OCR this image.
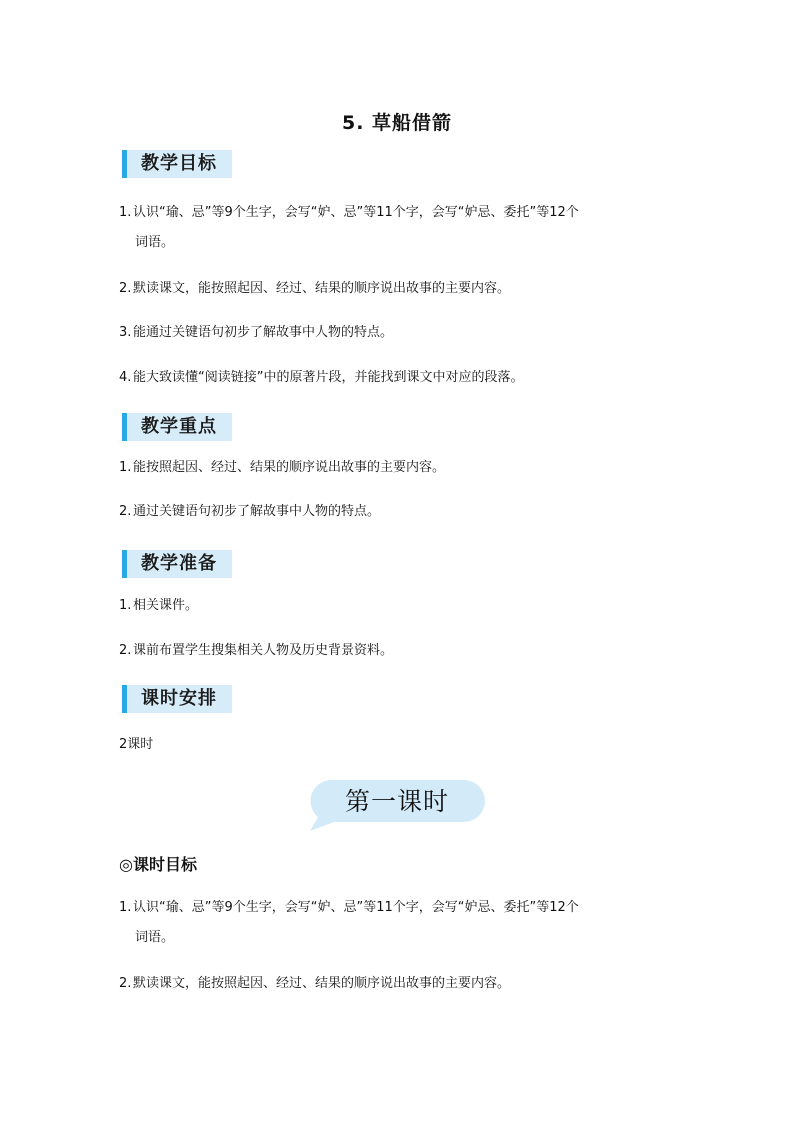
5. 草船借箭
教学目标
1. 认识“瑜、忌”等9个生字，会写“妒、忌”等11个字，会写“妒忌、委托”等12个
词语。
2. 默读课文，能按照起因、经过、结果的顺序说出故事的主要内容。
3. 能通过关键语句初步了解故事中人物的特点。
4. 能大致读懂“阅读链接”中的原著片段，并能找到课文中对应的段落。
教学重点
1. 能按照起因、经过、结果的顺序说出故事的主要内容。
2. 通过关键语句初步了解故事中人物的特点。
教学准备
1. 相关课件。
2. 课前布置学生搜集相关人物及历史背景资料。
课时安排
2课时
第一课时
◎课时目标
1. 认识“瑜、忌”等9个生字，会写“妒、忌”等11个字，会写“妒忌、委托”等12个
词语。
2. 默读课文，能按照起因、经过、结果的顺序说出故事的主要内容。
